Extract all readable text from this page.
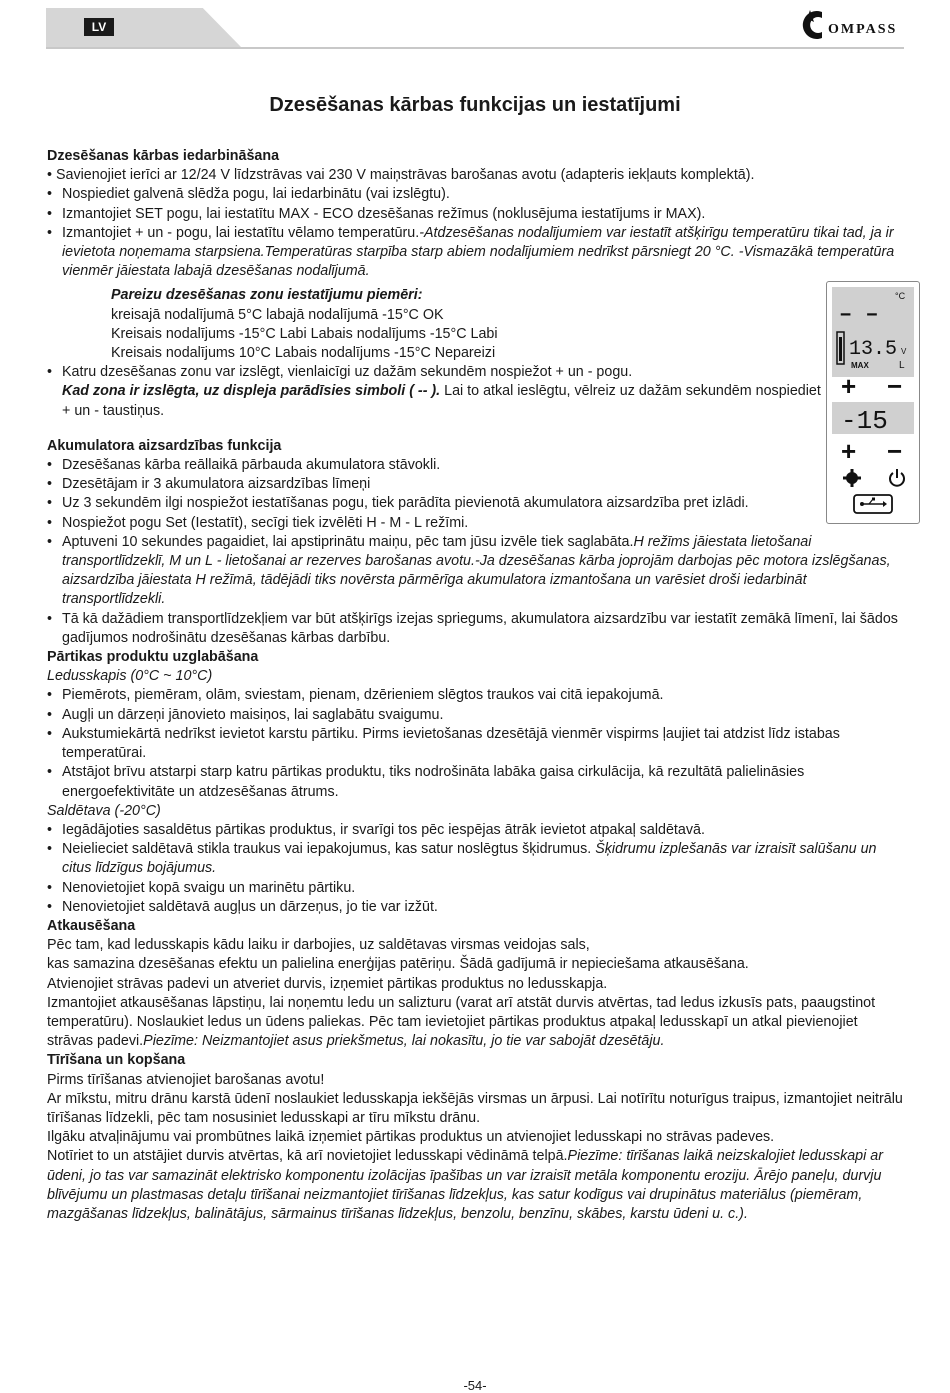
LV	OMPASS
Dzesēšanas kārbas funkcijas un iestatījumi

Dzesēšanas kārbas iedarbināšana

• Savienojiet ierīci ar 12/24 V līdzstrāvas vai 230 V maiņstrāvas barošanas avotu (adapteris iekļauts komplektā).

• Nospiediet galvenā slēdža pogu, lai iedarbinātu (vai izslēgtu).

• Izmantojiet SET pogu, lai iestatītu MAX - ECO dzesēšanas režīmus (noklusējuma iestatījums ir MAX).

• Izmantojiet + un - pogu, lai iestatītu vēlamo temperatūru.-Atdzesēšanas nodalījumiem var iestatīt atšķirīgu temperatūru tikai tad, ja ir ievietota noņemama starpsiena.Temperatūras starpība starp abiem nodalījumiem nedrīkst pārsniegt 20 °C. -Vismazākā temperatūra vienmēr jāiestata labajā dzesēšanas nodalījumā.

Pareizu dzesēšanas zonu iestatījumu piemēri:

kreisajā nodalījumā 5°C labajā nodalījumā -15°C OK

Kreisais nodalījums -15°C Labi Labais nodalījums -15°C Labi

Kreisais nodalījums 10°C Labais nodalījums -15°C Nepareizi

• Katru dzesēšanas zonu var izslēgt, vienlaicīgi uz dažām sekundēm nospiežot + un - pogu.

Kad zona ir izslēgta, uz displeja parādīsies simboli ( -- ). Lai to atkal ieslēgtu, vēlreiz uz dažām sekundēm nospiediet + un - taustiņus.

Akumulatora aizsardzības funkcija

• Dzesēšanas kārba reāllaikā pārbauda akumulatora stāvokli.

• Dzesētājam ir 3 akumulatora aizsardzības līmeņi

• Uz 3 sekundēm ilgi nospiežot iestatīšanas pogu, tiek parādīta pievienotā akumulatora aizsardzība pret izlādi.

• Nospiežot pogu Set (Iestatīt), secīgi tiek izvēlēti H - M - L režīmi.

• Aptuveni 10 sekundes pagaidiet, lai apstiprinātu maiņu, pēc tam jūsu izvēle tiek saglabāta.H režīms jāiestata lietošanai transportlīdzeklī, M un L - lietošanai ar rezerves barošanas avotu.-Ja dzesēšanas kārba joprojām darbojas pēc motora izslēgšanas, aizsardzība jāiestata H režīmā, tādējādi tiks novērsta pārmērīga akumulatora izmantošana un varēsiet droši iedarbināt transportlīdzekli.

• Tā kā dažādiem transportlīdzekļiem var būt atšķirīgs izejas spriegums, akumulatora aizsardzību var iestatīt zemākā līmenī, lai šādos gadījumos nodrošinātu dzesēšanas kārbas darbību.

Pārtikas produktu uzglabāšana

Ledusskapis (0°C ~ 10°C)

• Piemērots, piemēram, olām, sviestam, pienam, dzērieniem slēgtos traukos vai citā iepakojumā.

• Augļi un dārzeņi jānovieto maisiņos, lai saglabātu svaigumu.

• Aukstumiekārtā nedrīkst ievietot karstu pārtiku. Pirms ievietošanas dzesētājā vienmēr vispirms ļaujiet tai atdzist līdz istabas temperatūrai.

• Atstājot brīvu atstarpi starp katru pārtikas produktu, tiks nodrošināta labāka gaisa cirkulācija, kā rezultātā palielināsies energoefektivitāte un atdzesēšanas ātrums.

Saldētava (-20°C)

• Iegādājoties sasaldētus pārtikas produktus, ir svarīgi tos pēc iespējas ātrāk ievietot atpakaļ saldētavā.

• Neielieciet saldētavā stikla traukus vai iepakojumus, kas satur noslēgtus šķidrumus. Šķidrumu izplešanās var izraisīt salūšanu un citus līdzīgus bojājumus.

• Nenovietojiet kopā svaigu un marinētu pārtiku.

• Nenovietojiet saldētavā augļus un dārzeņus, jo tie var izžūt.

Atkausēšana

Pēc tam, kad ledusskapis kādu laiku ir darbojies, uz saldētavas virsmas veidojas sals,

kas samazina dzesēšanas efektu un palielina enerģijas patēriņu. Šādā gadījumā ir nepieciešama atkausēšana.

Atvienojiet strāvas padevi un atveriet durvis, izņemiet pārtikas produktus no ledusskapja.

Izmantojiet atkausēšanas lāpstiņu, lai noņemtu ledu un salizturu (varat arī atstāt durvis atvērtas, tad ledus izkusīs pats, paaugstinot temperatūru). Noslaukiet ledus un ūdens paliekas. Pēc tam ievietojiet pārtikas produktus atpakaļ ledusskapī un atkal pievienojiet strāvas padevi.Piezīme: Neizmantojiet asus priekšmetus, lai nokasītu, jo tie var sabojāt dzesētāju.

Tīrīšana un kopšana

Pirms tīrīšanas atvienojiet barošanas avotu!

Ar mīkstu, mitru drānu karstā ūdenī noslaukiet ledusskapja iekšējās virsmas un ārpusi. Lai notīrītu noturīgus traipus, izmantojiet neitrālu tīrīšanas līdzekli, pēc tam nosusiniet ledusskapi ar tīru mīkstu drānu.

Ilgāku atvaļinājumu vai prombūtnes laikā izņemiet pārtikas produktus un atvienojiet ledusskapi no strāvas padeves.

Notīriet to un atstājiet durvis atvērtas, kā arī novietojiet ledusskapi vēdināmā telpā.Piezīme: tīrīšanas laikā neizskalojiet ledusskapi ar ūdeni, jo tas var samazināt elektrisko komponentu izolācijas īpašības un var izraisīt metāla komponentu eroziju. Ārējo paneļu, durvju blīvējumu un plastmasas detaļu tīrīšanai neizmantojiet tīrīšanas līdzekļus, kas satur kodīgus vai drupinātus materiālus (piemēram, mazgāšanas līdzekļus, balinātājus, sārmainus tīrīšanas līdzekļus, benzolu, benzīnu, skābes, karstu ūdeni u. c.).

°C
– –
13.5 V
MAX	L
+ −
-15
+ −
-54-
